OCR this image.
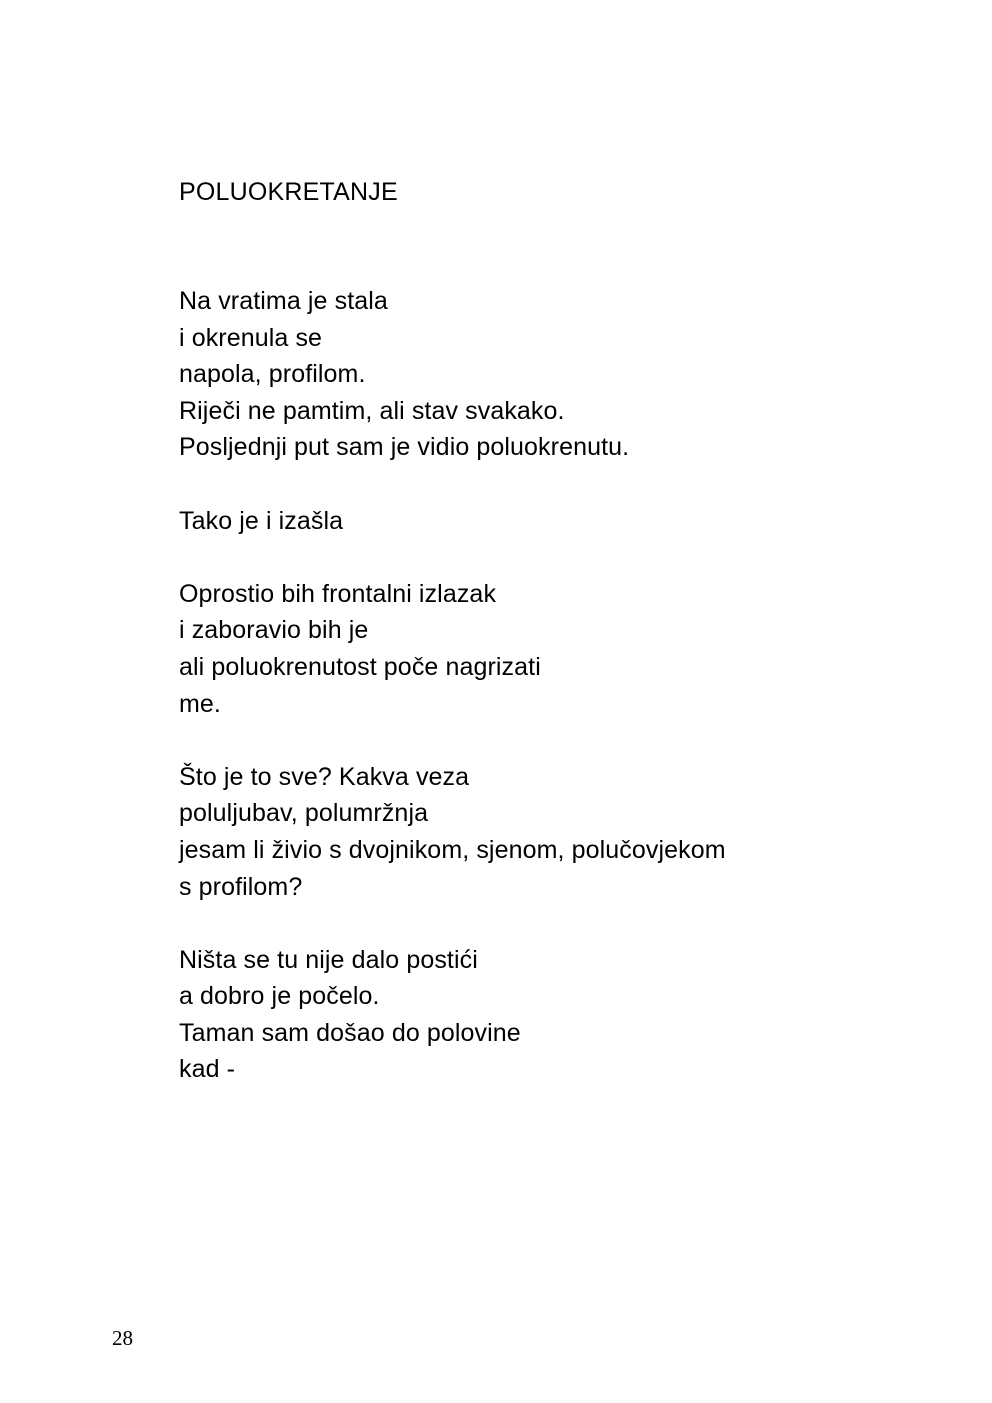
POLUOKRETANJE

Na vratima je stala
i okrenula se
napola, profilom.
Riječi ne pamtim, ali stav svakako.
Posljednji put sam je vidio poluokrenutu.

Tako je i izašla

Oprostio bih frontalni izlazak
i zaboravio bih je
ali poluokrenutost poče nagrizati
me.

Što je to sve? Kakva veza
poluljubav, polumržnja
jesam li živio s dvojnikom, sjenom, polučovjekom
s profilom?

Ništa se tu nije dalo postići
a dobro je počelo.
Taman sam došao do polovine
kad -

28
